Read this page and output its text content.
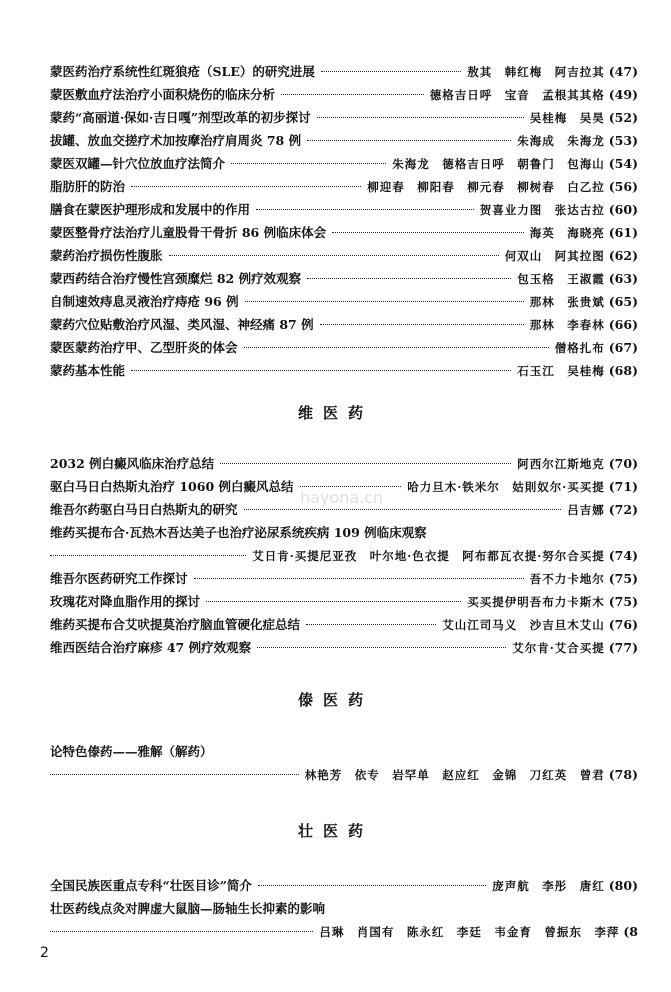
蒙医药治疗系统性红斑狼疮（SLE）的研究进展	敖其　韩红梅　阿吉拉其 (47)
蒙医敷血疗法治疗小面积烧伤的临床分析	德格吉日呼　宝音　孟根其其格 (49)
蒙药“高丽道·保如·吉日嘎”剂型改革的初步探讨	吴桂梅　吴昊 (52)
拔罐、放血交搓疗术加按摩治疗肩周炎 78 例	朱海成　朱海龙 (53)
蒙医双罐—针穴位放血疗法简介	朱海龙　德格吉日呼　朝鲁门　包海山 (54)
脂肪肝的防治	柳迎春　柳阳春　柳元春　柳树春　白乙拉 (56)
膳食在蒙医护理形成和发展中的作用	贺喜业力图　张达古拉 (60)
蒙医整骨疗法治疗儿童股骨干骨折 86 例临床体会	海英　海晓亮 (61)
蒙药治疗损伤性腹胀	何双山　阿其拉图 (62)
蒙西药结合治疗慢性宫颈糜烂 82 例疗效观察	包玉格　王淑霞 (63)
自制速效痔息灵液治疗痔疮 96 例	那林　张贵斌 (65)
蒙药穴位贴敷治疗风湿、类风湿、神经痛 87 例	那林　李春林 (66)
蒙医蒙药治疗甲、乙型肝炎的体会	僧格扎布 (67)
蒙药基本性能	石玉江　吴桂梅 (68)
维医药
2032 例白癜风临床治疗总结	阿西尔江斯地克 (70)
驱白马日白热斯丸治疗 1060 例白癜风总结	哈力旦木·铁米尔　姑則奴尔·买买提 (71)
维吾尔药驱白马日白热斯丸的研究	吕吉娜 (72)
维药买提布合·瓦热木吾达美子也治疗泌尿系统疾病 109 例临床观察
艾日肯·买提尼亚孜　叶尔地·色衣提　阿布都瓦衣提·努尔合买提 (74)
维吾尔医药研究工作探讨	吾不力卡地尔 (75)
玫瑰花对降血脂作用的探讨	买买提伊明吾布力卡斯木 (75)
维药买提布合艾吠提莫治疗脑血管硬化症总结	艾山江司马义　沙吉旦木艾山 (76)
维西医结合治疗麻疹 47 例疗效观察	艾尔肯·艾合买提 (77)
傣医药
论特色傣药——雅解（解药）
林艳芳　依专　岩罕单　赵应红　金锦　刀红英　曾君 (78)
壮医药
全国民族医重点专科“壮医目诊”简介	庞声航　李彤　唐红 (80)
壮医药线点灸对脾虚大鼠脑—肠轴生长抑素的影响
吕琳　肖国有　陈永红　李廷　韦金育　曾振东　李萍 (8
hayona.cn
2
